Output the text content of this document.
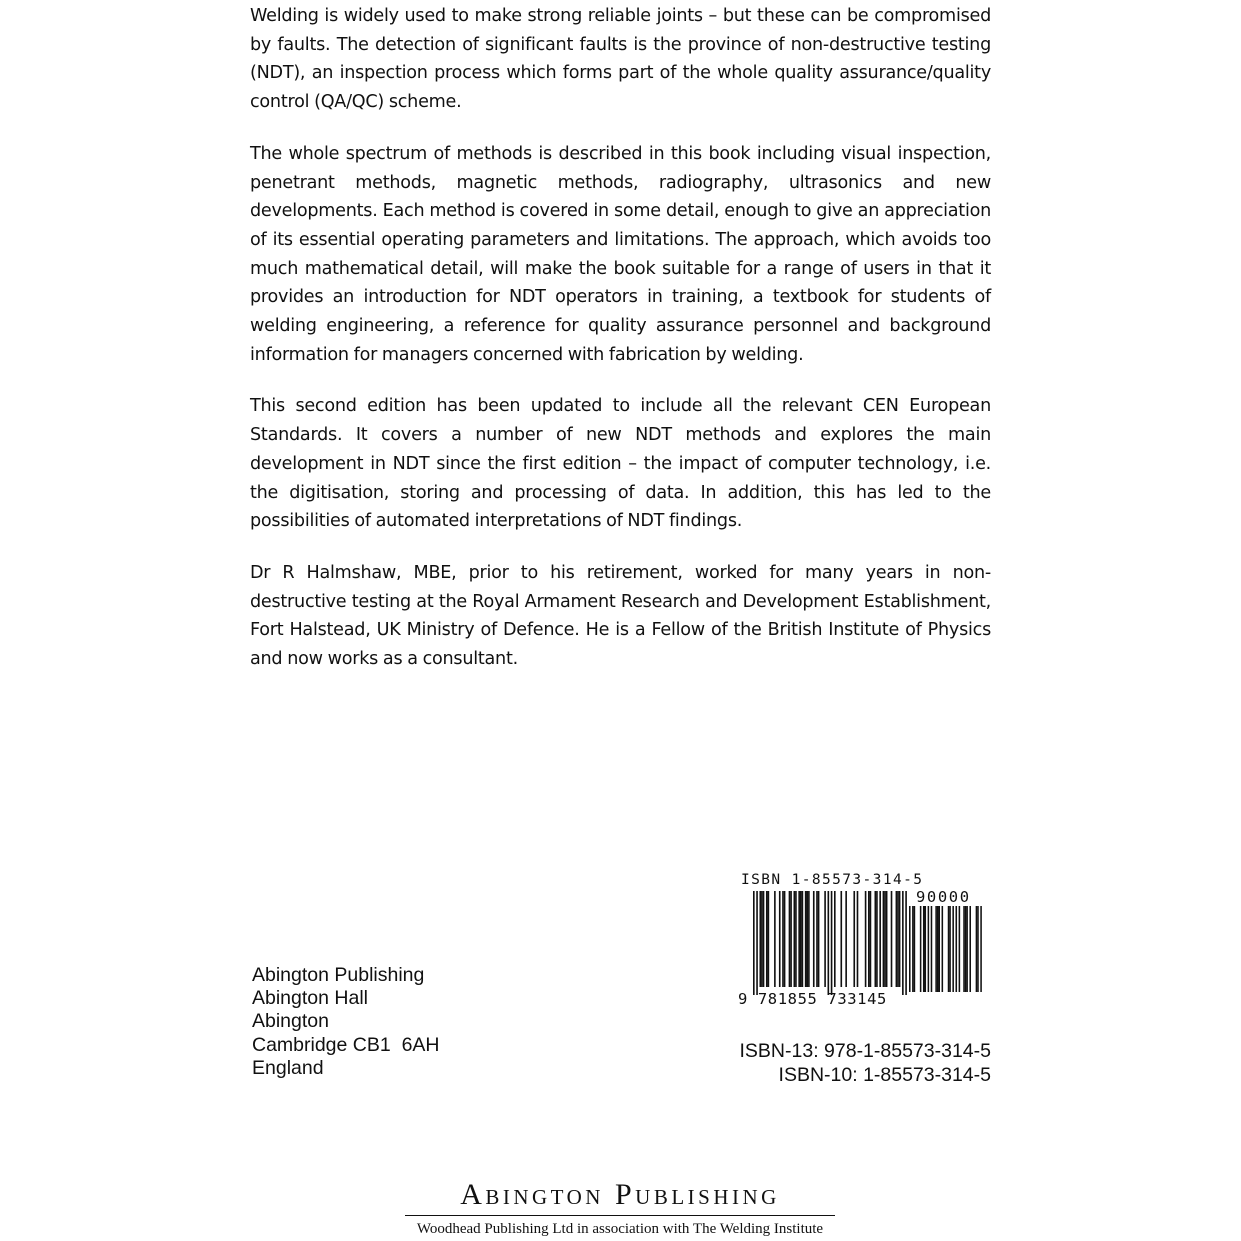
Welding is widely used to make strong reliable joints – but these can be compromised by faults. The detection of significant faults is the province of non-destructive testing (NDT), an inspection process which forms part of the whole quality assurance/quality control (QA/QC) scheme.

The whole spectrum of methods is described in this book including visual inspection, penetrant methods, magnetic methods, radiography, ultrasonics and new developments. Each method is covered in some detail, enough to give an appreciation of its essential operating parameters and limitations. The approach, which avoids too much mathematical detail, will make the book suitable for a range of users in that it provides an introduction for NDT operators in training, a textbook for students of welding engineering, a reference for quality assurance personnel and background information for managers concerned with fabrication by welding.

This second edition has been updated to include all the relevant CEN European Standards. It covers a number of new NDT methods and explores the main development in NDT since the first edition – the impact of computer technology, i.e. the digitisation, storing and processing of data. In addition, this has led to the possibilities of automated interpretations of NDT findings.

Dr R Halmshaw, MBE, prior to his retirement, worked for many years in non-destructive testing at the Royal Armament Research and Development Establishment, Fort Halstead, UK Ministry of Defence. He is a Fellow of the British Institute of Physics and now works as a consultant.

Abington Publishing
Abington Hall
Abington
Cambridge CB1  6AH
England
ISBN 1-85573-314-5
90000
9 781855 733145
ISBN-13: 978-1-85573-314-5
ISBN-10: 1-85573-314-5
Abington Publishing
Woodhead Publishing Ltd in association with The Welding Institute
